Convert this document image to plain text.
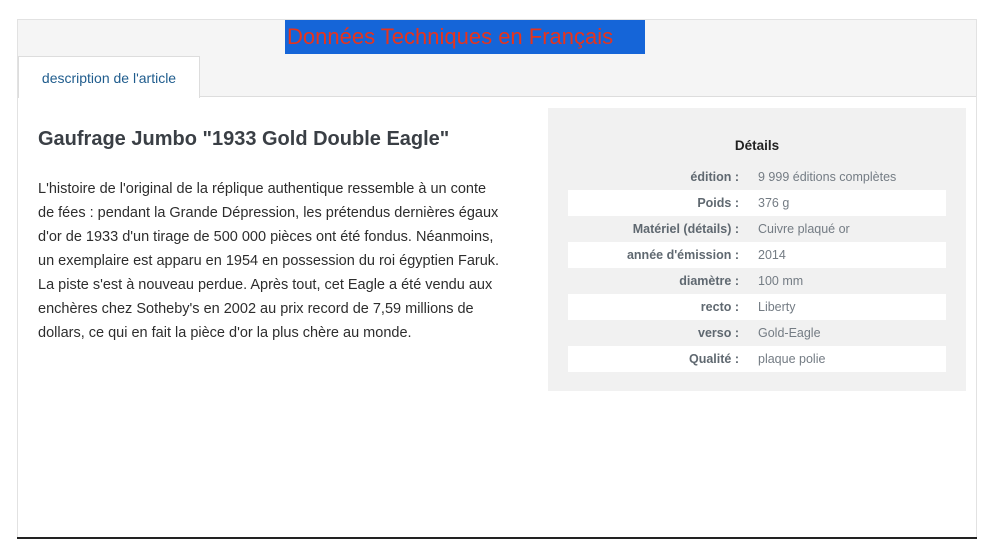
Données Techniques en Français
description de l'article
Gaufrage Jumbo "1933 Gold Double Eagle"

L'histoire de l'original de la réplique authentique ressemble à un conte de fées : pendant la Grande Dépression, les prétendus dernières égaux d'or de 1933 d'un tirage de 500 000 pièces ont été fondus. Néanmoins, un exemplaire est apparu en 1954 en possession du roi égyptien Faruk. La piste s'est à nouveau perdue. Après tout, cet Eagle a été vendu aux enchères chez Sotheby's en 2002 au prix record de 7,59 millions de dollars, ce qui en fait la pièce d'or la plus chère au monde.

Détails
édition :	9 999 éditions complètes
Poids :	376 g
Matériel (détails) :	Cuivre plaqué or
année d'émission :	2014
diamètre :	100 mm
recto :	Liberty
verso :	Gold-Eagle
Qualité :	plaque polie
